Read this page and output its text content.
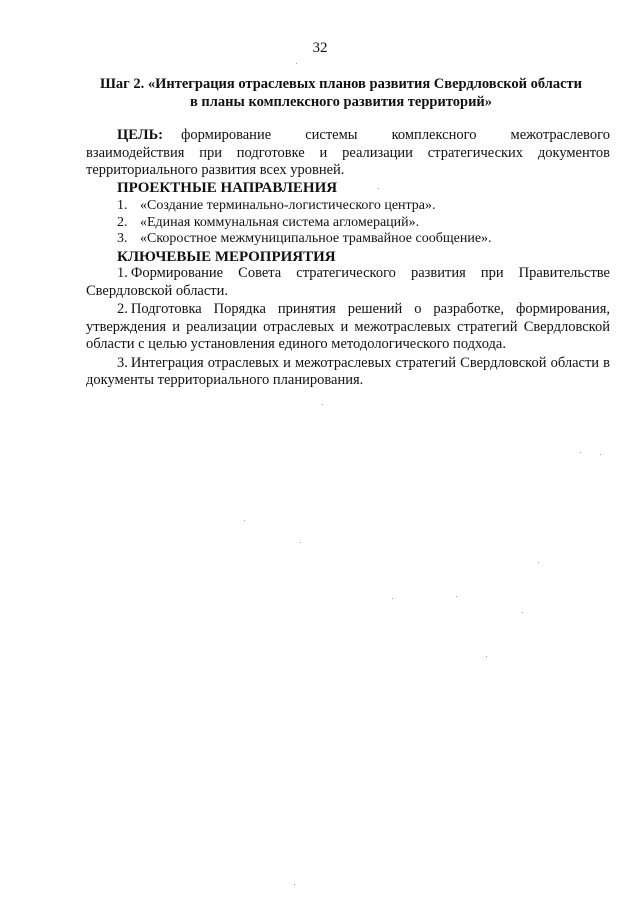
32
Шаг 2. «Интеграция отраслевых планов развития Свердловской области
в планы комплексного развития территорий»
ЦЕЛЬ: формирование системы комплексного межотраслевого взаимодействия при подготовке и реализации стратегических документов территориального развития всех уровней.
ПРОЕКТНЫЕ НАПРАВЛЕНИЯ
1. «Создание терминально-логистического центра».
2. «Единая коммунальная система агломераций».
3. «Скоростное межмуниципальное трамвайное сообщение».
КЛЮЧЕВЫЕ МЕРОПРИЯТИЯ

1. Формирование Совета стратегического развития при Правительстве Свердловской области.

2. Подготовка Порядка принятия решений о разработке, формирования, утверждения и реализации отраслевых и межотраслевых стратегий Свердловской области с целью установления единого методологического подхода.

3. Интеграция отраслевых и межотраслевых стратегий Свердловской области в документы территориального планирования.
